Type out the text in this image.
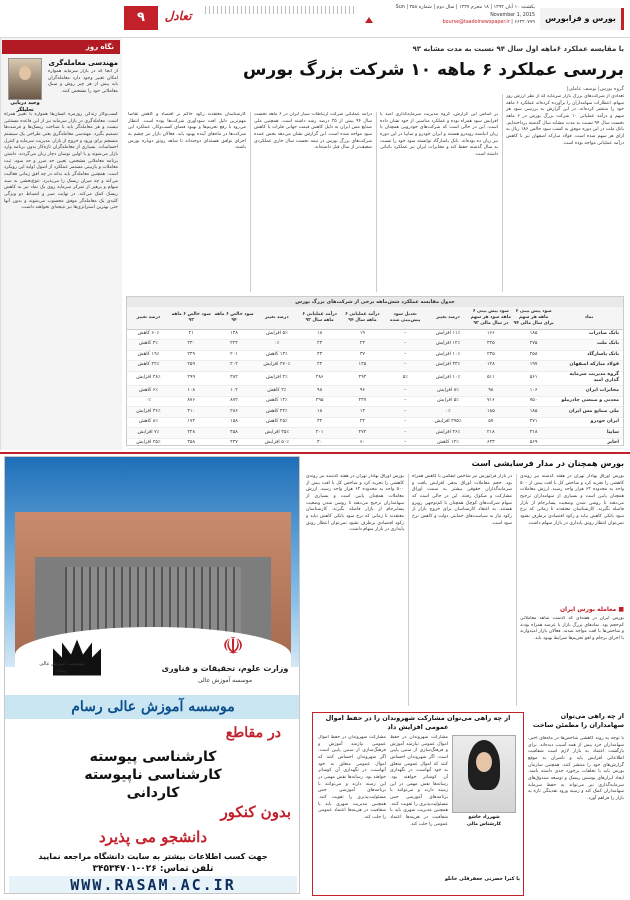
۹	تعادل
یکشنبه ۱۰ آبان ۱۳۹۴ | ۱۸ محرم ۱۴۳۷ | سال دوم | شماره ۴۵۸ | Sun November 1, 2015
bourse@taadolnewspaper.ir | ۶۶۴۲۰۷۷۹	بورس و فرابورس
نگاه روز
مهندسی معامله‌گری
وحید دریایی
تحلیلگر
از آنجا که در بازار سرمایه همواره امکان تغییر وجود دارد معامله‌گران باید پیش از هر چیز روش و سبک معاملاتی خود را مشخص کنند.
کسب‌وکار زندگی روزمره انسان‌ها همواره با تغییر همراه است. معامله‌گری در بازار سرمایه نیز از این قاعده مستثنی نیست و هر معامله‌گر باید با شناخت ریسک‌ها و فرصت‌ها تصمیم بگیرد. مهندسی معامله‌گری یعنی طراحی یک سیستم منسجم برای ورود و خروج از بازار، مدیریت سرمایه و کنترل احساسات. بسیاری از معامله‌گران تازه‌کار بدون برنامه وارد بازار می‌شوند و با اولین نوسان دچار زیان می‌گردند. داشتن برنامه معاملاتی مشخص، تعیین حد ضرر و حد سود، ثبت معاملات و بازبینی مستمر عملکرد از اصول اولیه این رویکرد است. همچنین معامله‌گر باید بداند در چه افق زمانی فعالیت می‌کند و چه میزان ریسک را می‌پذیرد. تنوع‌بخشی به سبد سهام و پرهیز از تمرکز سرمایه روی یک نماد نیز به کاهش ریسک کمک می‌کند. در نهایت صبر و انضباط دو ویژگی کلیدی یک معامله‌گر موفق محسوب می‌شوند و بدون آنها حتی بهترین استراتژی‌ها نیز نتیجه‌ای نخواهند داشت.
با مقایسه عملکرد ۶ماهه اول سال ۹۴ نسبت به مدت مشابه ۹۳
بررسی عملکرد ۶ ماهه ۱۰ شرکت بزرگ بورس
گروه بورس| یوسف عاملی|
تعدادی از شرکت‌های بزرگ بازار سرمایه که از نظر ارزش روز سهام، انتظارات سهامداران را برآورده کرده‌اند عملکرد ۶ ماهه خود را منتشر کرده‌اند. در این گزارش به بررسی سود هر سهم و درآمد عملیاتی ۱۰ شرکت بزرگ بورس در ۶ ماهه نخست سال ۹۴ نسبت به مدت مشابه سال گذشته پرداخته‌ایم. بانک ملت در این دوره موفق به کسب سود خالص ۱۸۶ ریال به ازای هر سهم شده است. فولاد مبارکه اصفهان نیز با کاهش درآمد عملیاتی مواجه بوده است.
بر اساس این گزارش، گروه مدیریت سرمایه‌گذاری امید با افزایش سود همراه بوده و عملکرد مناسبی از خود نشان داده است. این در حالی است که شرکت‌های خودرویی همچنان با زیان انباشته روبه‌رو هستند و ایران خودرو و سایپا در این دوره نیز زیان ده بوده‌اند. بانک پاسارگاد توانسته سود خود را نسبت به سال گذشته حفظ کند و مخابرات ایران نیز عملکرد باثباتی داشته است.
درآمد عملیاتی شرکت ارتباطات سیار ایران در ۶ ماهه نخست سال ۹۴ بیش از ۲۵ درصد رشد داشته است. همچنین ملی صنایع مس ایران به دلیل کاهش قیمت جهانی فلزات با کاهش سود مواجه شده است. این گزارش نشان می‌دهد بخش عمده شرکت‌های بزرگ بورس در نیمه نخست سال جاری عملکردی ضعیف‌تر از سال قبل داشته‌اند.
کارشناسان معتقدند رکود حاکم بر اقتصاد و کاهش تقاضا مهم‌ترین دلیل افت سودآوری شرکت‌ها بوده است. انتظار می‌رود با رفع تحریم‌ها و بهبود فضای کسب‌وکار، عملکرد این شرکت‌ها در ماه‌های آینده بهبود یابد. فعالان بازار نیز چشم به اجرای توافق هسته‌ای دوخته‌اند تا شاهد رونق دوباره بورس باشند.
جدول مقایسه عملکرد شش‌ماهه برخی از شرکت‌های بزرگ بورس
نماد	سود پیش بینی ۶ ماهه هر سهم برای سال مالی ۹۴	سود پیش بینی ۶ ماهه سود هر سهم در سال مالی ۹۳	درصد تغییر	تعدیل سود پیش‌بینی شده	درآمد عملیاتی ۶ ماهه سال ۹۴	درآمد عملیاتی ۶ ماهه سال ۹۳	درصد تغییر	سود خالص ۶ ماهه ۹۴	سود خالص ۶ ماهه ۹۳	درصد تغییر
بانک صادرات	۱۸۵	۱۶۶	۱۱٪ افزایش	-	۱۹	۱۸	۵٪ افزایش	۱۴۸	۲۱	۶۰٪ کاهش
بانک ملت	۲۷۵	۲۴۵	۱۲٪ افزایش	-	۲۳	۲۳	۰٪	۲۲۴	۲۳۰	۳٪ کاهش
بانک پاسارگاد	۲۵۸	۲۳۵	۱۰٪ افزایش	-	۳۷	۴۳	۱۴٪ کاهش	۲۰۱	۲۴۹	۱۹٪ کاهش
فولاد مبارکه اصفهان	۱۹۷	۱۴۸	۳۳٪ افزایش	-	۱۳۵	۲۴	۴۷۰٪ افزایش	۲۰۲	۲۵۹	۲۲٪ کاهش
گروه مدیریت سرمایه گذاری امید	۵۶۱	۵۱۱	۱۰٪ افزایش	۵٪	۲۹۲	۲۸۶	۲٪ افزایش	۳۸۲	۲۹۹	۲۸٪ افزایش
مخابرات ایران	۱۰۶	۹۸	۸٪ افزایش	-	۹۶	۹۸	۲٪ کاهش	۱۰۲	۱۰۸	۶٪ کاهش
معدنی و صنعتی چادرملو	۷۵۰	۷۱۶	۵٪ افزایش	-	۴۳۷	۴۹۵	۱۲٪ کاهش	۸۷۲	۸۷۶	۰٪
ملی صنایع مس ایران	۱۸۵	۱۸۵	۰٪	-	۱۴	۱۸	۲۲٪ کاهش	۲۸۶	۲۱۰	۳۶٪ افزایش
ایران خودرو	۲۷۱	۵۷	۳۷۵٪ افزایش	-	۲۴	۳۲	۲۵٪ کاهش	۱۵۸	۱۷۲	۸٪ کاهش
سایپا	۳۱۸	۲۱۸	۴۶٪ افزایش	-	۲۷۲	۲۰۱	۳۵٪ افزایش	۴۵۸	۴۲۸	۷٪ افزایش
اخابر	۵۶۹	۶۴۳	۱۲٪ کاهش	-	۶۰	۴۰	۵۰٪ افزایش	۴۴۷	۳۵۸	۲۵٪ افزایش
موسسه آموزش عالی رسام
☫
وزارت علوم، تحقیقات و فناوری
موسسه آموزش عالی
موسسه آموزش عالی رسام
در مقاطع
کارشناسی پیوسته
کارشناسی ناپیوسته
کاردانی
بدون کنکور
دانشجو می پذیرد
جهت کسب اطلاعات بیشتر به سایت دانشگاه مراجعه نمایید
تلفن تماس: ۰۲۶-۳۴۵۳۴۷۰۱
WWW.RASAM.AC.IR
بورس همچنان در مدار فرسایشی است
بورس اوراق بهادار تهران در هفته گذشته نیز روندی کاهشی را تجربه کرد و شاخص کل با افت بیش از ۵۰۰ واحد به محدوده ۶۲ هزار واحد رسید. ارزش معاملات همچنان پایین است و بسیاری از سهامداران ترجیح می‌دهند تا روشن شدن وضعیت پسابرجام از بازار فاصله بگیرند. کارشناسان معتقدند تا زمانی که نرخ سود بانکی کاهش نیابد و رکود اقتصادی برطرف نشود نمی‌توان انتظار رونق پایداری در بازار سهام داشت.
■ معامله بورس ایران
بورس ایران در هفته‌ای که گذشت شاهد معاملاتی کم‌حجم بود. نمادهای بزرگ بازار با عرضه همراه بودند و شاخص‌ها با افت مواجه شدند. فعالان بازار امیدوارند با اجرای برجام و لغو تحریم‌ها شرایط بهبود یابد.
در بازار فرابورس نیز شاخص آیفکس با کاهش همراه بود. حجم معاملات اوراق بدهی افزایش یافت و سرمایه‌گذاران حقوقی بیشتر به سمت اوراق مشارکت و صکوک رفتند. این در حالی است که سهام شرکت‌های کوچک همچنان با کم‌توجهی روبرو هستند. به اعتقاد کارشناسان برای خروج بازار از رکود نیاز به سیاست‌های حمایتی دولت و کاهش نرخ سود است.
بورس اوراق بهادار تهران در هفته گذشته نیز روندی کاهشی را تجربه کرد و شاخص کل با افت بیش از ۵۰۰ واحد به محدوده ۶۲ هزار واحد رسید. ارزش معاملات همچنان پایین است و بسیاری از سهامداران ترجیح می‌دهند تا روشن شدن وضعیت پسابرجام از بازار فاصله بگیرند. کارشناسان معتقدند تا زمانی که نرخ سود بانکی کاهش نیابد و رکود اقتصادی برطرف نشود نمی‌توان انتظار رونق پایداری در بازار سهام داشت.
از چه راهی می‌توان سهامداران را مطمئن ساخت
با توجه به روند کاهشی شاخص‌ها در ماه‌های اخیر، سهامداران خرد بیش از همه آسیب دیده‌اند. برای بازگشت اعتماد به بازار لازم است شفافیت اطلاعاتی افزایش یابد و ناشران به موقع گزارش‌های خود را منتشر کنند. همچنین سازمان بورس باید با تخلفات برخورد جدی داشته باشد. ایجاد ابزارهای پوشش ریسک و توسعه صندوق‌های سرمایه‌گذاری نیز می‌تواند به حفظ سرمایه سهامداران کمک کند و زمینه ورود نقدینگی تازه به بازار را فراهم آورد.
از چه راهی می‌توان مشارکت شهروندان را در حفظ اموال عمومی افزایش داد
شهرزاد خاشع
کارشناس مالی
مشارکت شهروندان در حفظ اموال عمومی نیازمند آموزش و فرهنگ‌سازی از سنین پایین است. اگر شهروندان احساس کنند که اموال عمومی متعلق به خود آنهاست، در نگهداری آن کوشاتر خواهند بود. رسانه‌ها نقش مهمی در این زمینه دارند و می‌توانند با برنامه‌های آموزشی حس مسئولیت‌پذیری را تقویت کنند. همچنین مدیریت شهری باید با شفافیت در هزینه‌ها اعتماد عمومی را جلب کند.
مشارکت شهروندان در حفظ اموال عمومی نیازمند آموزش و فرهنگ‌سازی از سنین پایین است. اگر شهروندان احساس کنند که اموال عمومی متعلق به خود آنهاست، در نگهداری آن کوشاتر خواهند بود. رسانه‌ها نقش مهمی در این زمینه دارند و می‌توانند با برنامه‌های آموزشی حس مسئولیت‌پذیری را تقویت کنند. همچنین مدیریت شهری باید با شفافیت در هزینه‌ها اعتماد عمومی را جلب کند.
یا کبرا حضرتی جعفرقلی خانلو
